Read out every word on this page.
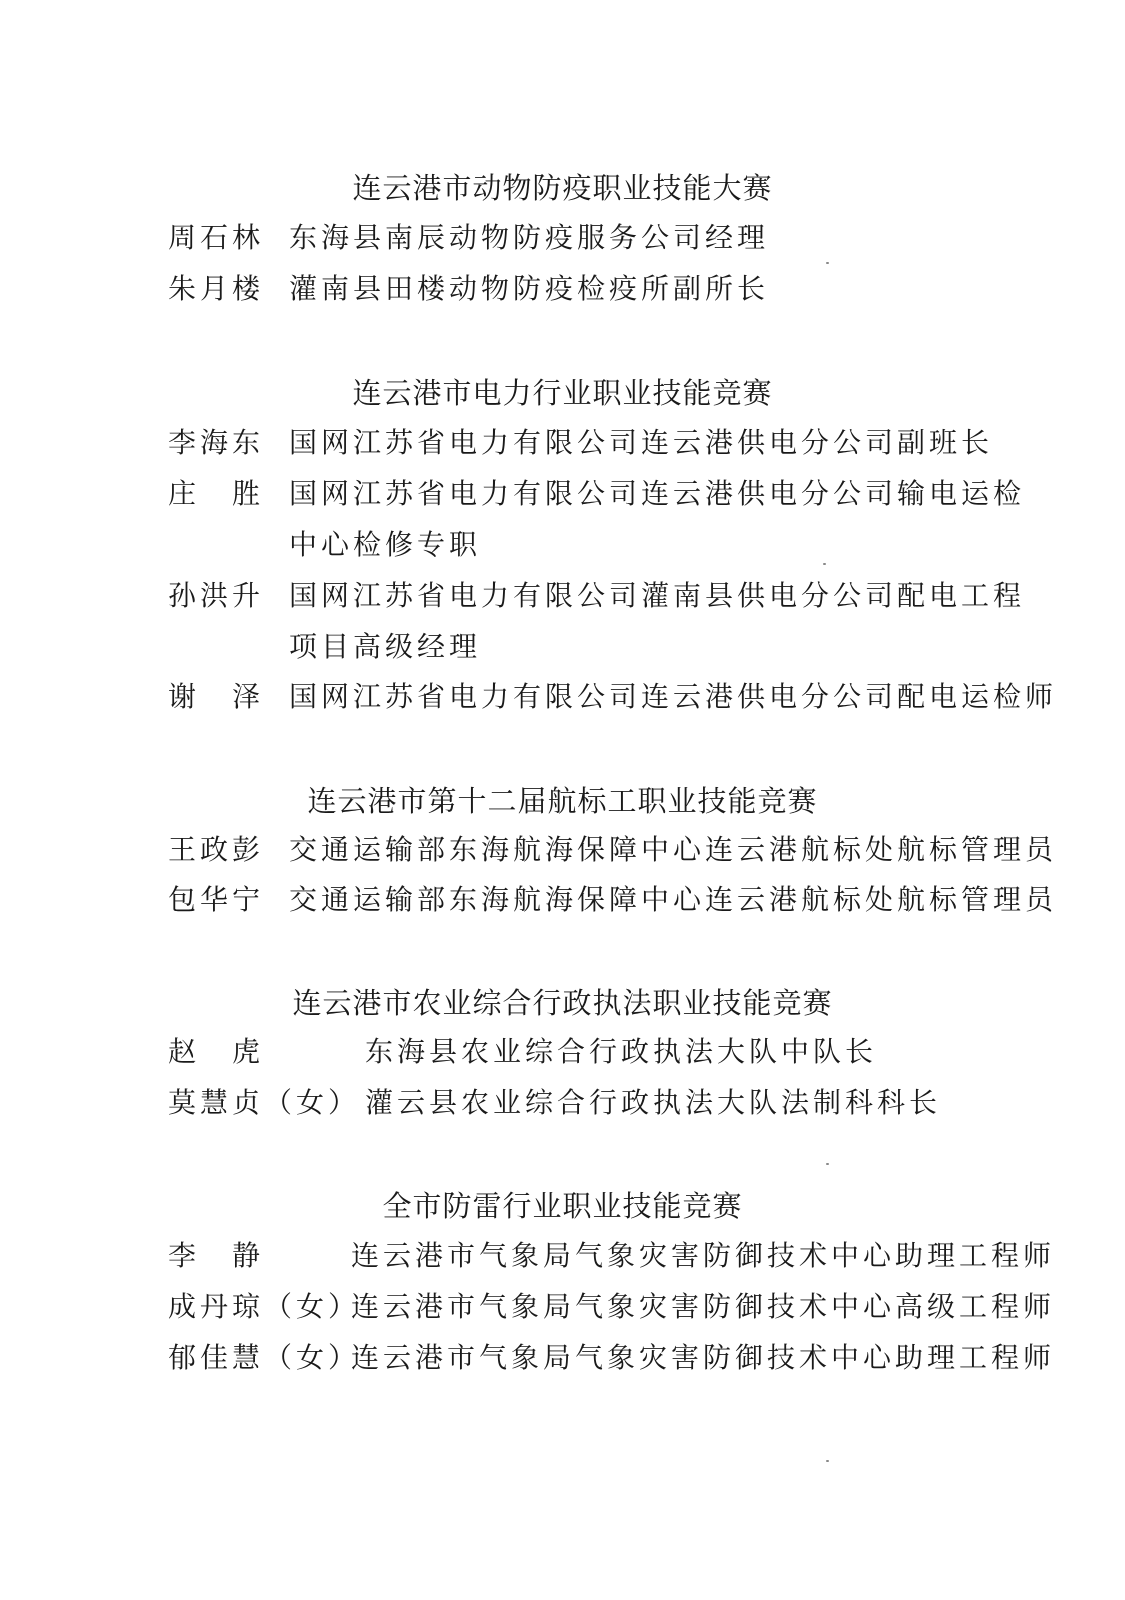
连云港市动物防疫职业技能大赛
周石林 东海县南辰动物防疫服务公司经理
朱月楼 灌南县田楼动物防疫检疫所副所长
连云港市电力行业职业技能竞赛
李海东 国网江苏省电力有限公司连云港供电分公司副班长
庄　胜 国网江苏省电力有限公司连云港供电分公司输电运检
中心检修专职
孙洪升 国网江苏省电力有限公司灌南县供电分公司配电工程
项目高级经理
谢　泽 国网江苏省电力有限公司连云港供电分公司配电运检师
连云港市第十二届航标工职业技能竞赛
王政彭 交通运输部东海航海保障中心连云港航标处航标管理员
包华宁 交通运输部东海航海保障中心连云港航标处航标管理员
连云港市农业综合行政执法职业技能竞赛
赵　虎	东海县农业综合行政执法大队中队长
莫慧贞（女） 灌云县农业综合行政执法大队法制科科长
全市防雷行业职业技能竞赛
李　静	连云港市气象局气象灾害防御技术中心助理工程师
成丹琼（女）
连云港市气象局气象灾害防御技术中心高级工程师
郁佳慧（女）
连云港市气象局气象灾害防御技术中心助理工程师
